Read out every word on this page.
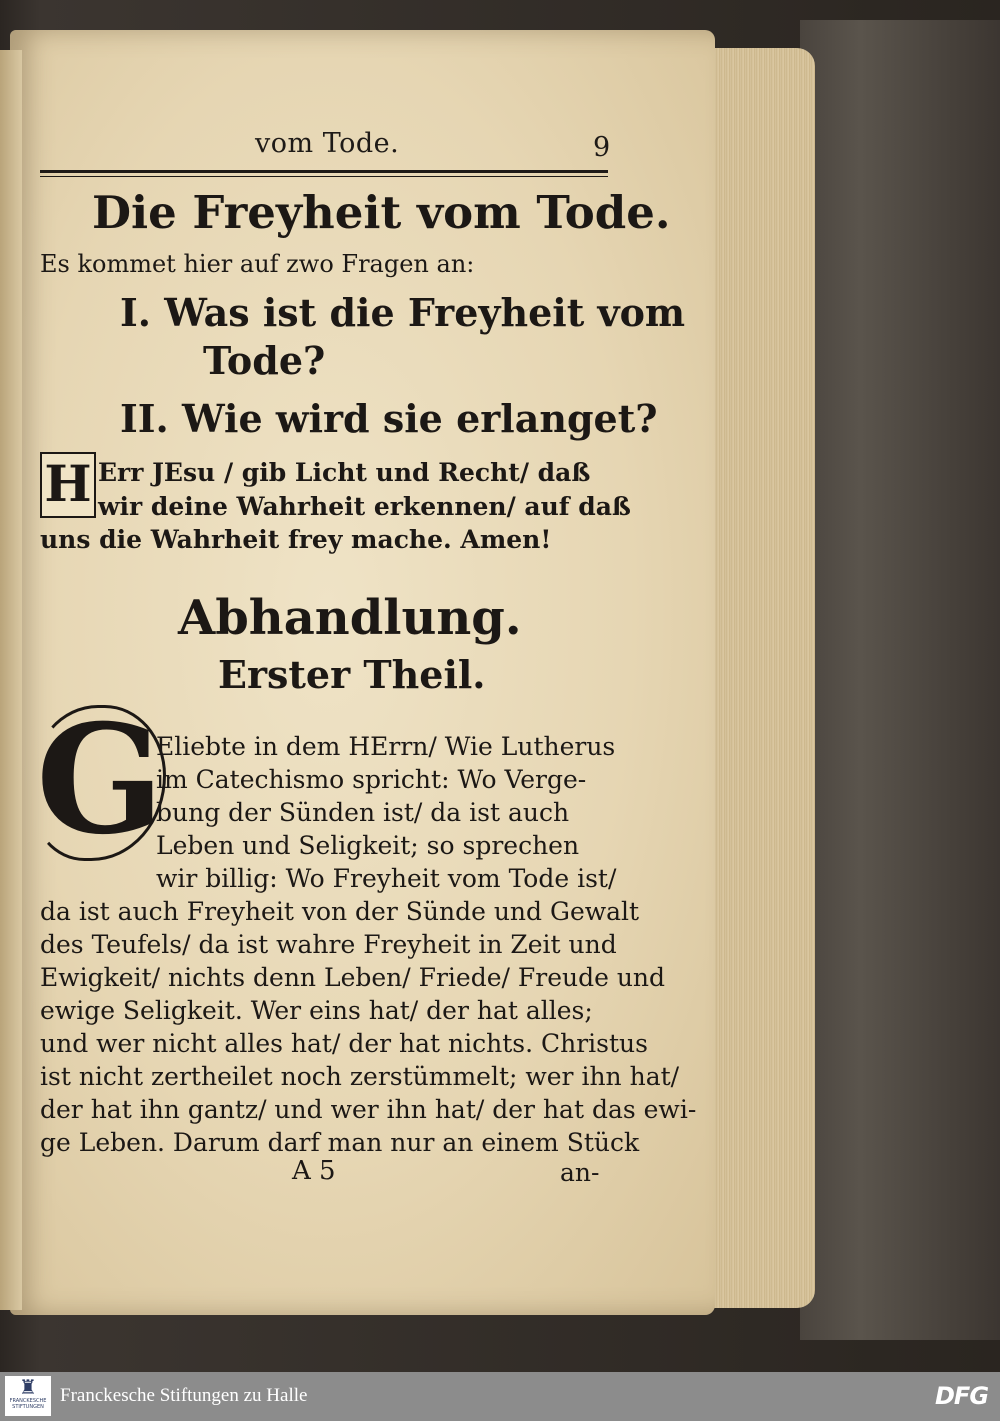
vom Tode.	9
Die Freyheit vom Tode.
Es kommet hier auf zwo Fragen an:
I. Was ist die Freyheit vom
Tode?
II. Wie wird sie erlanget?
H Err JEsu / gib Licht und Recht/ daß
wir deine Wahrheit erkennen/ auf daß
uns die Wahrheit frey mache. Amen!
Abhandlung.
Erster Theil.
G
Eliebte in dem HErrn/ Wie Lutherus
im Catechismo spricht: Wo Verge-
bung der Sünden ist/ da ist auch
Leben und Seligkeit; so sprechen
wir billig: Wo Freyheit vom Tode ist/
da ist auch Freyheit von der Sünde und Gewalt
des Teufels/ da ist wahre Freyheit in Zeit und
Ewigkeit/ nichts denn Leben/ Friede/ Freude und
ewige Seligkeit. Wer eins hat/ der hat alles;
und wer nicht alles hat/ der hat nichts. Christus
ist nicht zertheilet noch zerstümmelt; wer ihn hat/
der hat ihn gantz/ und wer ihn hat/ der hat das ewi-
ge Leben. Darum darf man nur an einem Stück
A 5	an-
♜
FRANCKESCHE STIFTUNGEN
Franckesche Stiftungen zu Halle	DFG
